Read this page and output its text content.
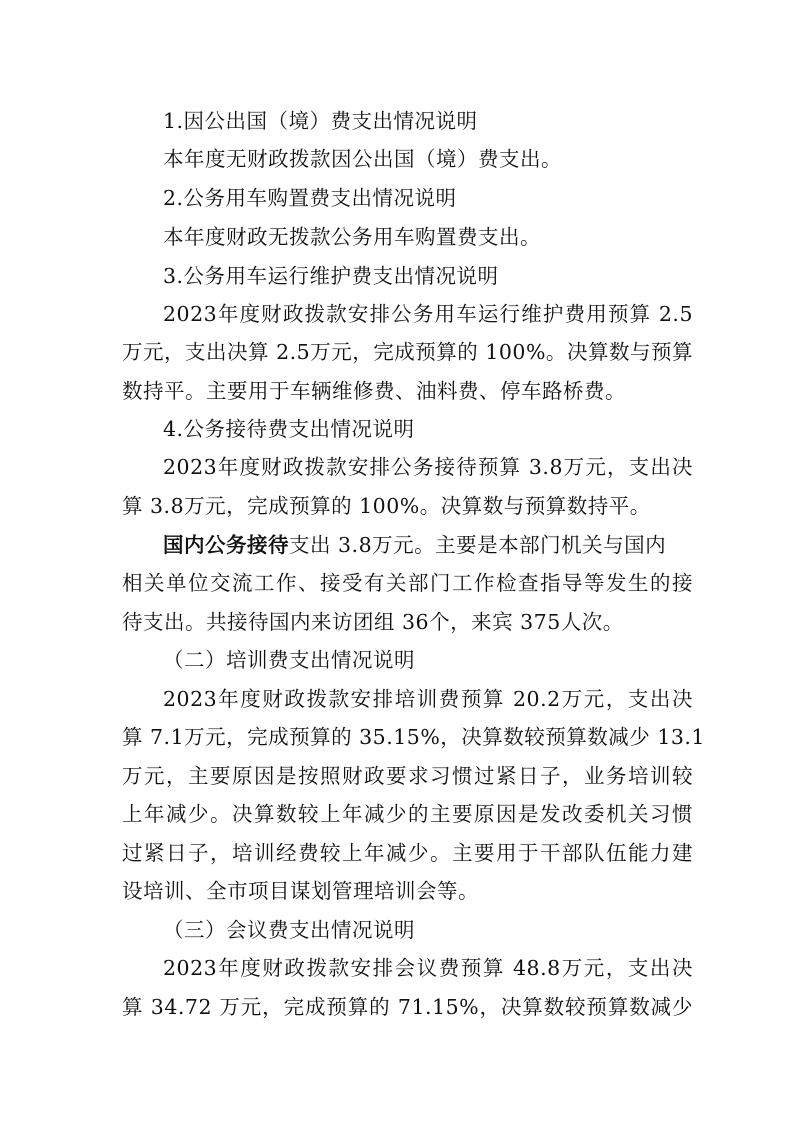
1.因公出国（境）费支出情况说明
本年度无财政拨款因公出国（境）费支出。
2.公务用车购置费支出情况说明
本年度财政无拨款公务用车购置费支出。
3.公务用车运行维护费支出情况说明
2023年度财政拨款安排公务用车运行维护费用预算 2.5
万元，支出决算 2.5万元，完成预算的 100%。决算数与预算
数持平。主要用于车辆维修费、油料费、停车路桥费。
4.公务接待费支出情况说明
2023年度财政拨款安排公务接待预算 3.8万元，支出决
算 3.8万元，完成预算的 100%。决算数与预算数持平。
国内公务接待支出 3.8万元。主要是本部门机关与国内
相关单位交流工作、接受有关部门工作检查指导等发生的接
待支出。共接待国内来访团组 36个，来宾 375人次。
（二）培训费支出情况说明
2023年度财政拨款安排培训费预算 20.2万元，支出决
算 7.1万元，完成预算的 35.15%，决算数较预算数减少 13.1
万元，主要原因是按照财政要求习惯过紧日子，业务培训较
上年减少。决算数较上年减少的主要原因是发改委机关习惯
过紧日子，培训经费较上年减少。主要用于干部队伍能力建
设培训、全市项目谋划管理培训会等。
（三）会议费支出情况说明
2023年度财政拨款安排会议费预算 48.8万元，支出决
算 34.72 万元，完成预算的 71.15%，决算数较预算数减少
